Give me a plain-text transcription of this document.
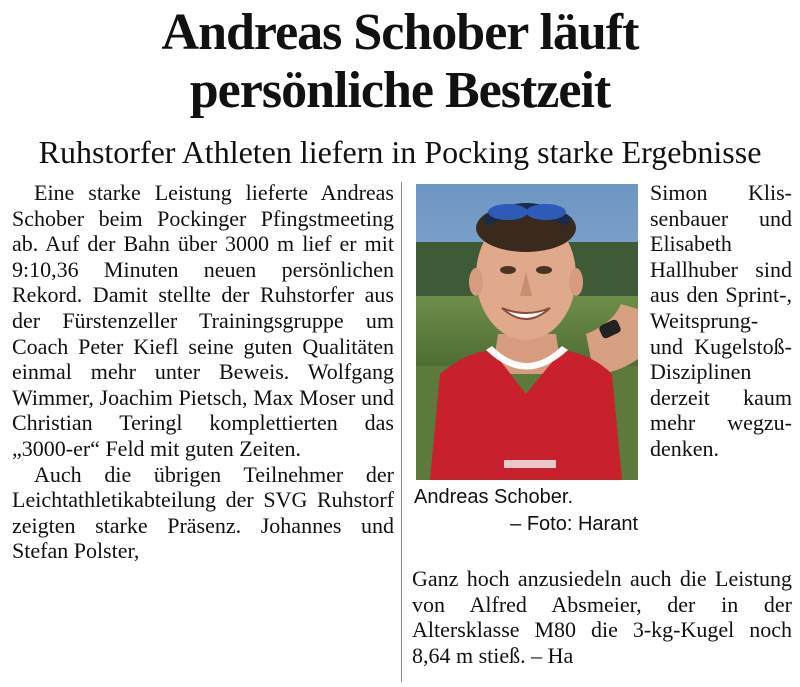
Andreas Schober läuft
persönliche Bestzeit
Ruhstorfer Athleten liefern in Pocking starke Ergebnisse

Eine starke Leistung lieferte Andreas Schober beim Pockinger Pfingstmeeting ab. Auf der Bahn über 3000 m lief er mit 9:10,36 Minuten neuen persönlichen Rekord. Damit stellte der Ruhstorfer aus der Fürstenzeller Trainingsgruppe um Coach Peter Kiefl seine guten Qualitäten einmal mehr unter Beweis. Wolfgang Wimmer, Joachim Pietsch, Max Moser und Christian Teringl komplettierten das „3000-er“ Feld mit guten Zeiten.

Auch die übrigen Teilnehmer der Leichtathletikabteilung der SVG Ruhstorf zeigten starke Präsenz. Johannes und Stefan Polster,

Andreas Schober.
– Foto: Harant

Simon Klissenbauer und Elisabeth Hallhuber sind aus den Sprint-, Weitsprung- und Kugelstoß-Disziplinen derzeit kaum mehr wegzudenken.

Ganz hoch anzusiedeln auch die Leistung von Alfred Absmeier, der in der Altersklasse M80 die 3-kg-Kugel noch 8,64 m stieß. – Ha
